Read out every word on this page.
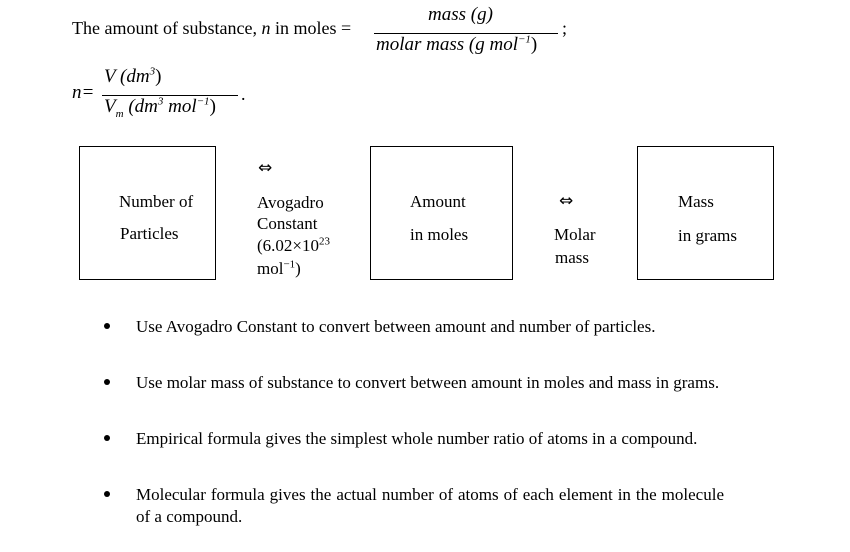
The amount of substance, n in moles =
mass (g)
molar mass (g mol$^{-1}$)
;
n=
V $(dm^3)$
$V_m$ ($dm^3$ mol$^{-1}$)
.
Number of
Particles
⇔
Avogadro
Constant
($6.02\times 10^{23}$
mol$^{-1}$)
Amount
in moles
⇔
Molar
mass
Mass
in grams
Use Avogadro Constant to convert between amount and number of particles.
Use molar mass of substance to convert between amount in moles and mass in grams.
Empirical formula gives the simplest whole number ratio of atoms in a compound.
Molecular formula gives the actual number of atoms of each element in the molecule of a compound.
